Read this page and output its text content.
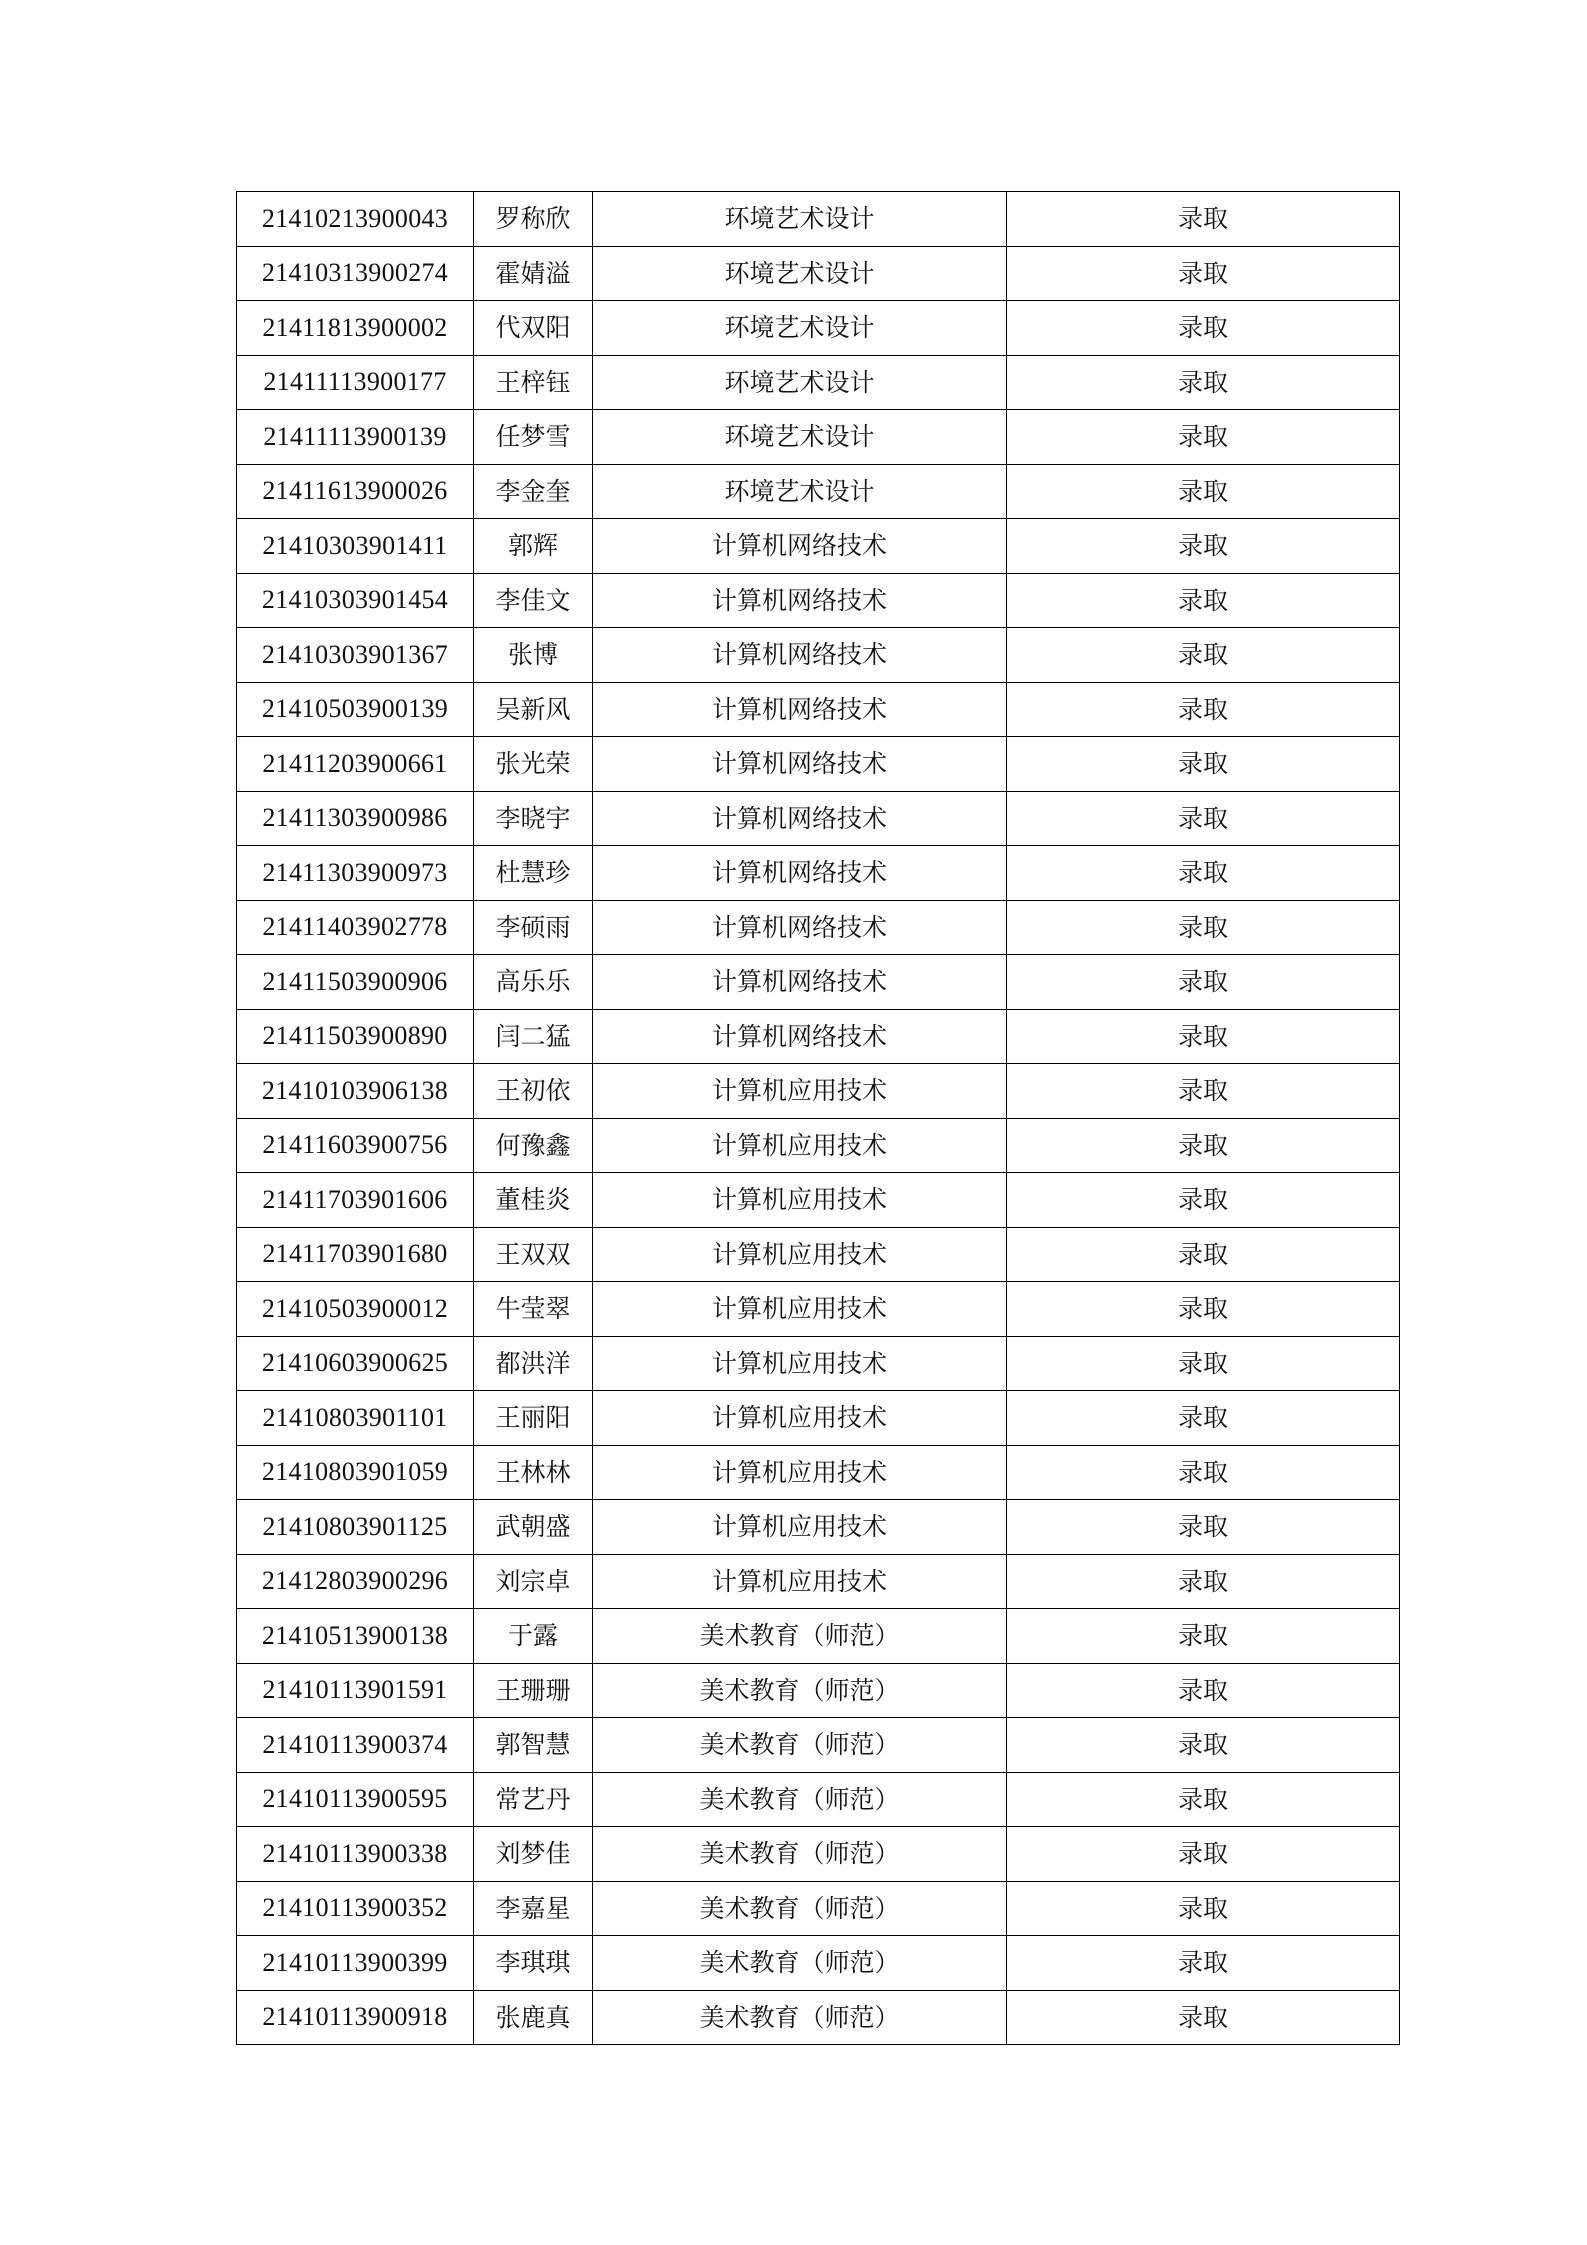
21410213900043	罗称欣	环境艺术设计	录取
21410313900274	霍婧溢	环境艺术设计	录取
21411813900002	代双阳	环境艺术设计	录取
21411113900177	王梓钰	环境艺术设计	录取
21411113900139	任梦雪	环境艺术设计	录取
21411613900026	李金奎	环境艺术设计	录取
21410303901411	郭辉	计算机网络技术	录取
21410303901454	李佳文	计算机网络技术	录取
21410303901367	张博	计算机网络技术	录取
21410503900139	吴新风	计算机网络技术	录取
21411203900661	张光荣	计算机网络技术	录取
21411303900986	李晓宇	计算机网络技术	录取
21411303900973	杜慧珍	计算机网络技术	录取
21411403902778	李硕雨	计算机网络技术	录取
21411503900906	高乐乐	计算机网络技术	录取
21411503900890	闫二猛	计算机网络技术	录取
21410103906138	王初依	计算机应用技术	录取
21411603900756	何豫鑫	计算机应用技术	录取
21411703901606	董桂炎	计算机应用技术	录取
21411703901680	王双双	计算机应用技术	录取
21410503900012	牛莹翠	计算机应用技术	录取
21410603900625	都洪洋	计算机应用技术	录取
21410803901101	王丽阳	计算机应用技术	录取
21410803901059	王林林	计算机应用技术	录取
21410803901125	武朝盛	计算机应用技术	录取
21412803900296	刘宗卓	计算机应用技术	录取
21410513900138	于露	美术教育（师范）	录取
21410113901591	王珊珊	美术教育（师范）	录取
21410113900374	郭智慧	美术教育（师范）	录取
21410113900595	常艺丹	美术教育（师范）	录取
21410113900338	刘梦佳	美术教育（师范）	录取
21410113900352	李嘉星	美术教育（师范）	录取
21410113900399	李琪琪	美术教育（师范）	录取
21410113900918	张鹿真	美术教育（师范）	录取
